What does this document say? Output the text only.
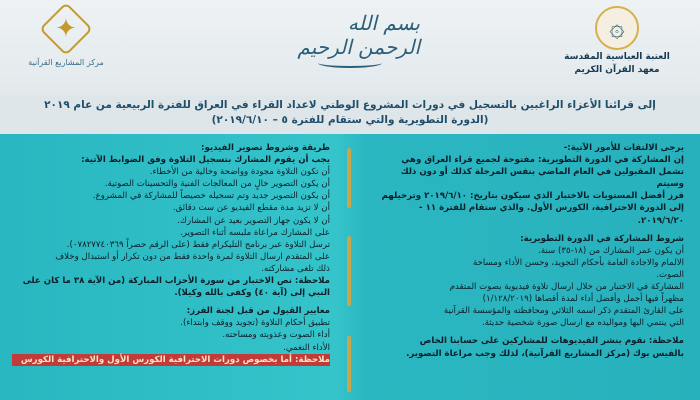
۞
العتبة العباسية المقدسة
معهد القرآن الكريم
✦
مركز المشاريع القرآنية
بسم الله الرحمن الرحيم
إلى قرائنا الأعزاء الراغبين بالتسجيل في دورات المشروع الوطني لاعداد القراء في العراق للفترة الربيعية من عام ٢٠١٩
(الدورة التطويرية والتي ستقام للفترة ٥ – ٢٠١٩/٦/١٠)

يرجى الالتفات للأمور الآتية:-

إن المشاركة في الدورة التطويرية: مفتوحة لجميع قراء العراق وهي

تشمل المقبولين في العام الماضي بنفس المرحلة كذلك أو دون ذلك وسيتم

فرز أفضل المستويات بالاختبار الذي سيكون بتاريخ: ٢٠١٩/٦/١٠ وترحيلهم

إلى الدورة الاحترافية، الكورس الأول. والذي ستقام للفترة ١١ - ٢٠١٩/٦/٢٠.

شروط المشاركة في الدورة التطويرية:

أن يكون عمر المشارك من (١٨-٣٥) سنة.

الالمام والاجادة العامة بأحكام التجويد، وحسن الأداء ومساحة

الصوت.

المشاركة في الاختبار من خلال ارسال تلاوة فيديوية بصوت المتقدم

مظهراً فيها أجمل وأفضل أداء لمدة أقصاها (١/١٢٨/٢٠١٩)

على القارئ المتقدم ذكر اسمه الثلاثي ومحافظته والمؤسسة القرآنية

التي ينتمي اليها ومواليده مع ارسال صورة شخصية حديثة.

ملاحظة: نقوم بنشر الفيديوهات للمشاركين على حسابنا الخاص

بالفيس بوك (مركز المشاريع القرآنية)، لذلك وجب مراعاة التصوير.

طريقة وشروط تصوير الفيديو:

يجب أن يقوم المشارك بتسجيل التلاوة وفق الضوابط الآتية:

أن تكون التلاوة مجودة وواضحة وخالية من الأخطاء.

أن يكون التصوير خالٍ من المعالجات الفنية والتحسينات الصوتية.

أن يكون التصوير جديد وتم تسجيله خصيصاً للمشاركة في المشروع.

أن لا تزيد مدة مقطع الفيديو عن ست دقائق.

أن لا يكون جهاز التصوير بعيد عن المشارك.

على المشارك مراعاة ملبسه أثناء التصوير.

ترسل التلاوة عبر برنامج التليكرام فقط (على الرقم حصراً ٠٧٨٢٧٧٤٠٣٦٩).

على المتقدم ارسال التلاوة لمرة واحدة فقط من دون تكرار أو استبدال وخلاف

ذلك تلغى مشاركته.

ملاحظة: نص الاختبار من سورة الأحزاب المباركة (من الآية ٣٨ ما كان على

النبي إلى (آية ٤٠) وكفى بالله وكيلا).

معايير القبول من قبل لجنة الفرز:

تطبيق أحكام التلاوة (تجويد ووقف وابتداء).

أداء الصوت وعذوبته ومساحته.

الأداء النغمي.

ملاحظة: أما بخصوص دورات الاحترافية الكورس الأول والاحترافية الكورس
